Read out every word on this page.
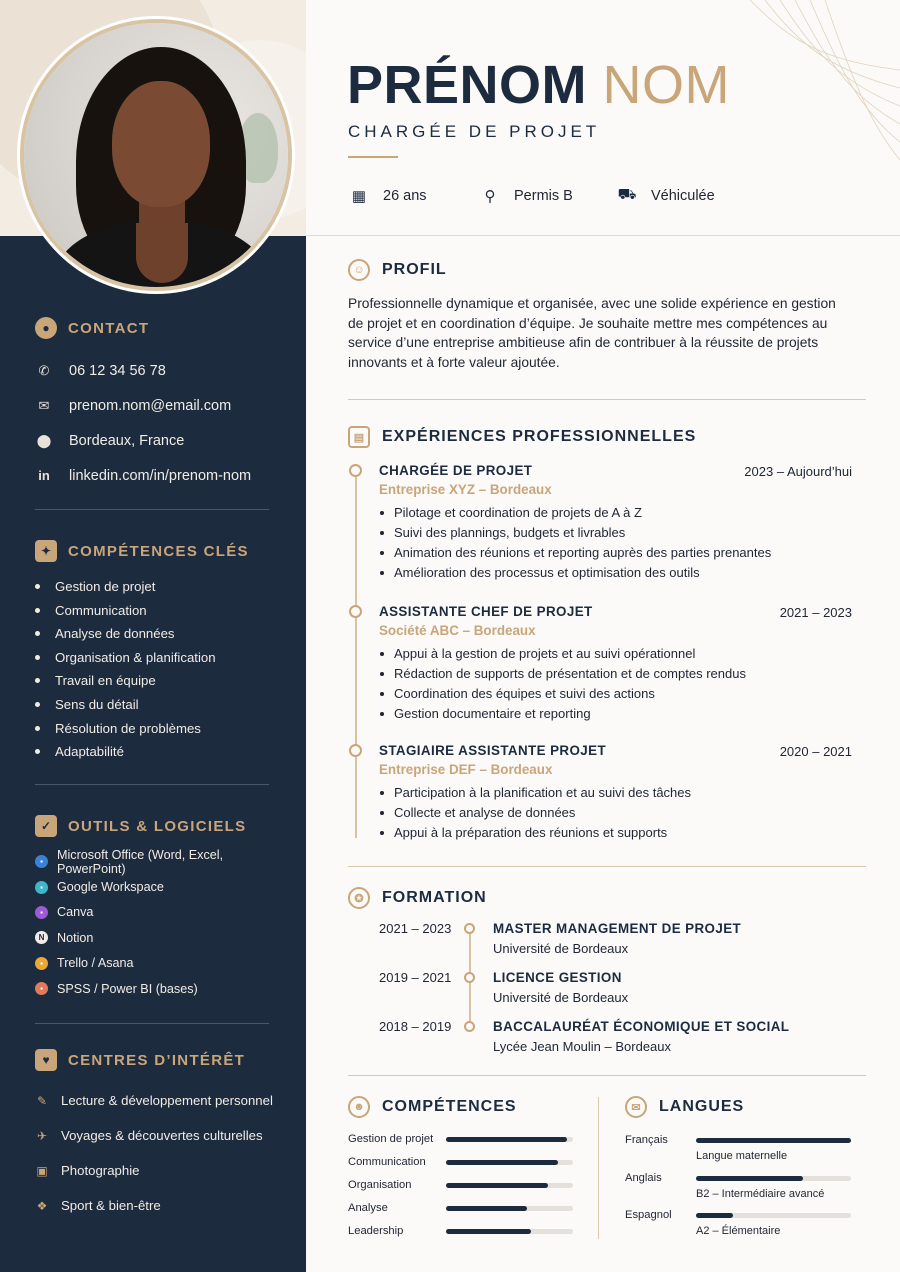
●	CONTACT
✆ 06 12 34 56 78
✉ prenom.nom@email.com
⬤ Bordeaux, France
in linkedin.com/in/prenom-nom
✦	COMPÉTENCES CLÉS
Gestion de projet
Communication
Analyse de données
Organisation & planification
Travail en équipe
Sens du détail
Résolution de problèmes
Adaptabilité
✓	OUTILS & LOGICIELS
▪	Microsoft Office (Word, Excel, PowerPoint)
▪	Google Workspace
▪	Canva
N Notion
▪	Trello / Asana
▪	SPSS / Power BI (bases)
♥	CENTRES D’INTÉRÊT
✎ Lecture & développement personnel
✈ Voyages & découvertes culturelles
▣ Photographie
❖ Sport & bien-être
PRÉNOM NOM
CHARGÉE DE PROJET
▦ 26 ans	⚲	Permis B	⛟ Véhiculée
☺	PROFIL

Professionnelle dynamique et organisée, avec une solide expérience en gestion de projet et en coordination d’équipe. Je souhaite mettre mes compétences au service d’une entreprise ambitieuse afin de contribuer à la réussite de projets innovants et à forte valeur ajoutée.

▤	EXPÉRIENCES PROFESSIONNELLES
CHARGÉE DE PROJET	2023 – Aujourd’hui
Entreprise XYZ – Bordeaux
Pilotage et coordination de projets de A à Z
Suivi des plannings, budgets et livrables
Animation des réunions et reporting auprès des parties prenantes
Amélioration des processus et optimisation des outils
ASSISTANTE CHEF DE PROJET	2021 – 2023
Société ABC – Bordeaux
Appui à la gestion de projets et au suivi opérationnel
Rédaction de supports de présentation et de comptes rendus
Coordination des équipes et suivi des actions
Gestion documentaire et reporting
STAGIAIRE ASSISTANTE PROJET	2020 – 2021
Entreprise DEF – Bordeaux
Participation à la planification et au suivi des tâches
Collecte et analyse de données
Appui à la préparation des réunions et supports
✪	FORMATION
2021 – 2023	MASTER MANAGEMENT DE PROJET
Université de Bordeaux
2019 – 2021	LICENCE GESTION
Université de Bordeaux
2018 – 2019	BACCALAURÉAT ÉCONOMIQUE ET SOCIAL
Lycée Jean Moulin – Bordeaux
☻	COMPÉTENCES
Gestion de projet
Communication
Organisation
Analyse
Leadership
✉	LANGUES
Français
Langue maternelle
Anglais
B2 – Intermédiaire avancé
Espagnol
A2 – Élémentaire
